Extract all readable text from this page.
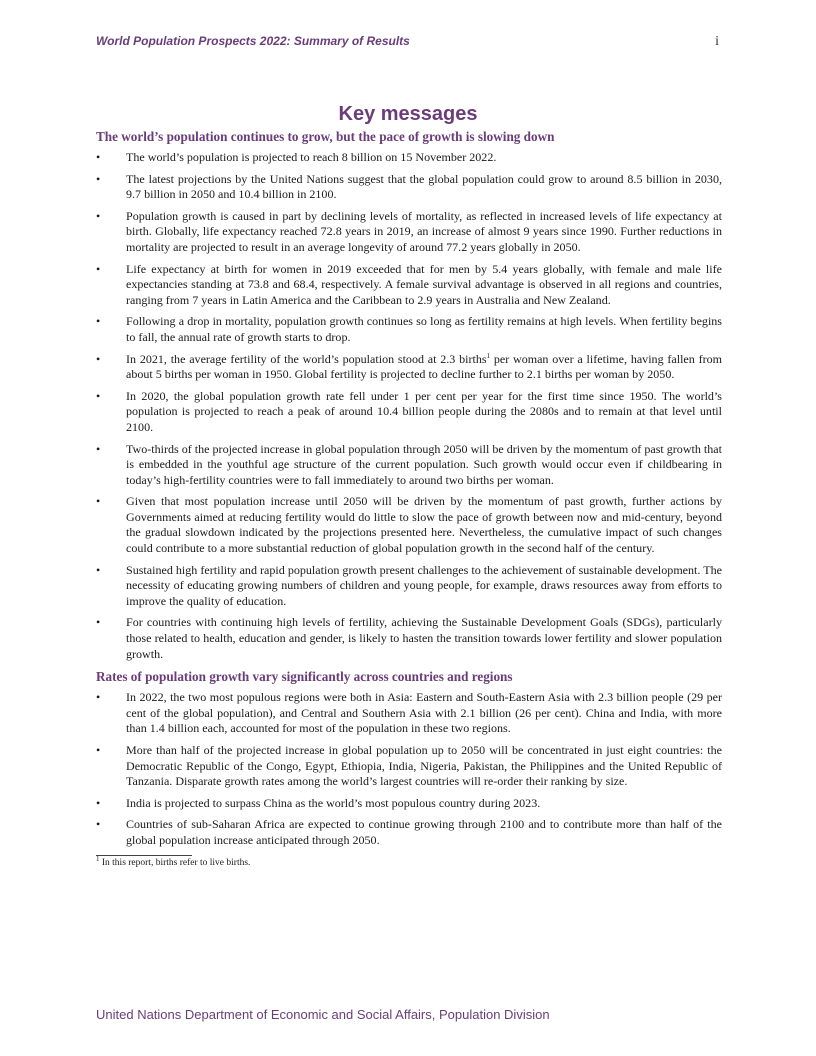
World Population Prospects 2022: Summary of Results	i
Key messages
The world’s population continues to grow, but the pace of growth is slowing down
• The world’s population is projected to reach 8 billion on 15 November 2022.
• The latest projections by the United Nations suggest that the global population could grow to around 8.5 billion in 2030, 9.7 billion in 2050 and 10.4 billion in 2100.
• Population growth is caused in part by declining levels of mortality, as reflected in increased levels of life expectancy at birth. Globally, life expectancy reached 72.8 years in 2019, an increase of almost 9 years since 1990. Further reductions in mortality are projected to result in an average longevity of around 77.2 years globally in 2050.
• Life expectancy at birth for women in 2019 exceeded that for men by 5.4 years globally, with female and male life expectancies standing at 73.8 and 68.4, respectively. A female survival advantage is observed in all regions and countries, ranging from 7 years in Latin America and the Caribbean to 2.9 years in Australia and New Zealand.
• Following a drop in mortality, population growth continues so long as fertility remains at high levels. When fertility begins to fall, the annual rate of growth starts to drop.
• In 2021, the average fertility of the world’s population stood at 2.3 births$^1$ per woman over a lifetime, having fallen from about 5 births per woman in 1950. Global fertility is projected to decline further to 2.1 births per woman by 2050.
• In 2020, the global population growth rate fell under 1 per cent per year for the first time since 1950. The world’s population is projected to reach a peak of around 10.4 billion people during the 2080s and to remain at that level until 2100.
• Two-thirds of the projected increase in global population through 2050 will be driven by the momentum of past growth that is embedded in the youthful age structure of the current population. Such growth would occur even if childbearing in today’s high-fertility countries were to fall immediately to around two births per woman.
• Given that most population increase until 2050 will be driven by the momentum of past growth, further actions by Governments aimed at reducing fertility would do little to slow the pace of growth between now and mid-century, beyond the gradual slowdown indicated by the projections presented here. Nevertheless, the cumulative impact of such changes could contribute to a more substantial reduction of global population growth in the second half of the century.
• Sustained high fertility and rapid population growth present challenges to the achievement of sustainable development. The necessity of educating growing numbers of children and young people, for example, draws resources away from efforts to improve the quality of education.
• For countries with continuing high levels of fertility, achieving the Sustainable Development Goals (SDGs), particularly those related to health, education and gender, is likely to hasten the transition towards lower fertility and slower population growth.
Rates of population growth vary significantly across countries and regions
• In 2022, the two most populous regions were both in Asia: Eastern and South-Eastern Asia with 2.3 billion people (29 per cent of the global population), and Central and Southern Asia with 2.1 billion (26 per cent). China and India, with more than 1.4 billion each, accounted for most of the population in these two regions.
• More than half of the projected increase in global population up to 2050 will be concentrated in just eight countries: the Democratic Republic of the Congo, Egypt, Ethiopia, India, Nigeria, Pakistan, the Philippines and the United Republic of Tanzania. Disparate growth rates among the world’s largest countries will re-order their ranking by size.
• India is projected to surpass China as the world’s most populous country during 2023.
• Countries of sub-Saharan Africa are expected to continue growing through 2100 and to contribute more than half of the global population increase anticipated through 2050.
$^1$ In this report, births refer to live births.
United Nations Department of Economic and Social Affairs, Population Division
